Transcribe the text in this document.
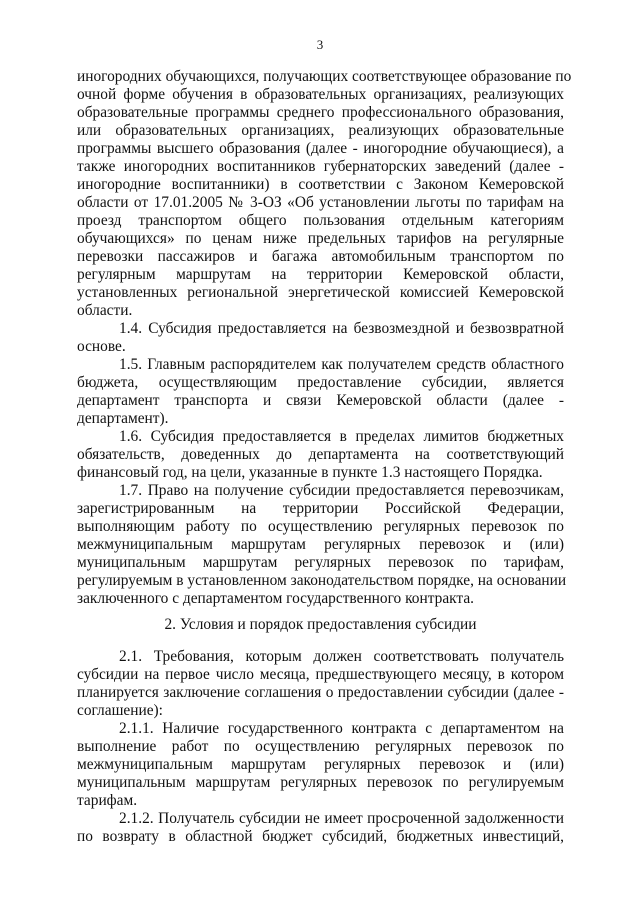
3
иногородних обучающихся, получающих соответствующее образование по
очной форме обучения в образовательных организациях, реализующих
образовательные программы среднего профессионального образования,
или образовательных организациях, реализующих образовательные
программы высшего образования (далее - иногородние обучающиеся), а
также иногородних воспитанников губернаторских заведений (далее -
иногородние воспитанники) в соответствии с Законом Кемеровской
области от 17.01.2005 № 3-ОЗ «Об установлении льготы по тарифам на
проезд транспортом общего пользования отдельным категориям
обучающихся» по ценам ниже предельных тарифов на регулярные
перевозки пассажиров и багажа автомобильным транспортом по
регулярным маршрутам на территории Кемеровской области,
установленных региональной энергетической комиссией Кемеровской
области.
1.4. Субсидия предоставляется на безвозмездной и безвозвратной
основе.
1.5. Главным распорядителем как получателем средств областного
бюджета, осуществляющим предоставление субсидии, является
департамент транспорта и связи Кемеровской области (далее -
департамент).
1.6. Субсидия предоставляется в пределах лимитов бюджетных
обязательств, доведенных до департамента на соответствующий
финансовый год, на цели, указанные в пункте 1.3 настоящего Порядка.
1.7. Право на получение субсидии предоставляется перевозчикам,
зарегистрированным на территории Российской Федерации,
выполняющим работу по осуществлению регулярных перевозок по
межмуниципальным маршрутам регулярных перевозок и (или)
муниципальным маршрутам регулярных перевозок по тарифам,
регулируемым в установленном законодательством порядке, на основании
заключенного с департаментом государственного контракта.
2. Условия и порядок предоставления субсидии
2.1. Требования, которым должен соответствовать получатель
субсидии на первое число месяца, предшествующего месяцу, в котором
планируется заключение соглашения о предоставлении субсидии (далее -
соглашение):
2.1.1. Наличие государственного контракта с департаментом на
выполнение работ по осуществлению регулярных перевозок по
межмуниципальным маршрутам регулярных перевозок и (или)
муниципальным маршрутам регулярных перевозок по регулируемым
тарифам.
2.1.2. Получатель субсидии не имеет просроченной задолженности
по возврату в областной бюджет субсидий, бюджетных инвестиций,
